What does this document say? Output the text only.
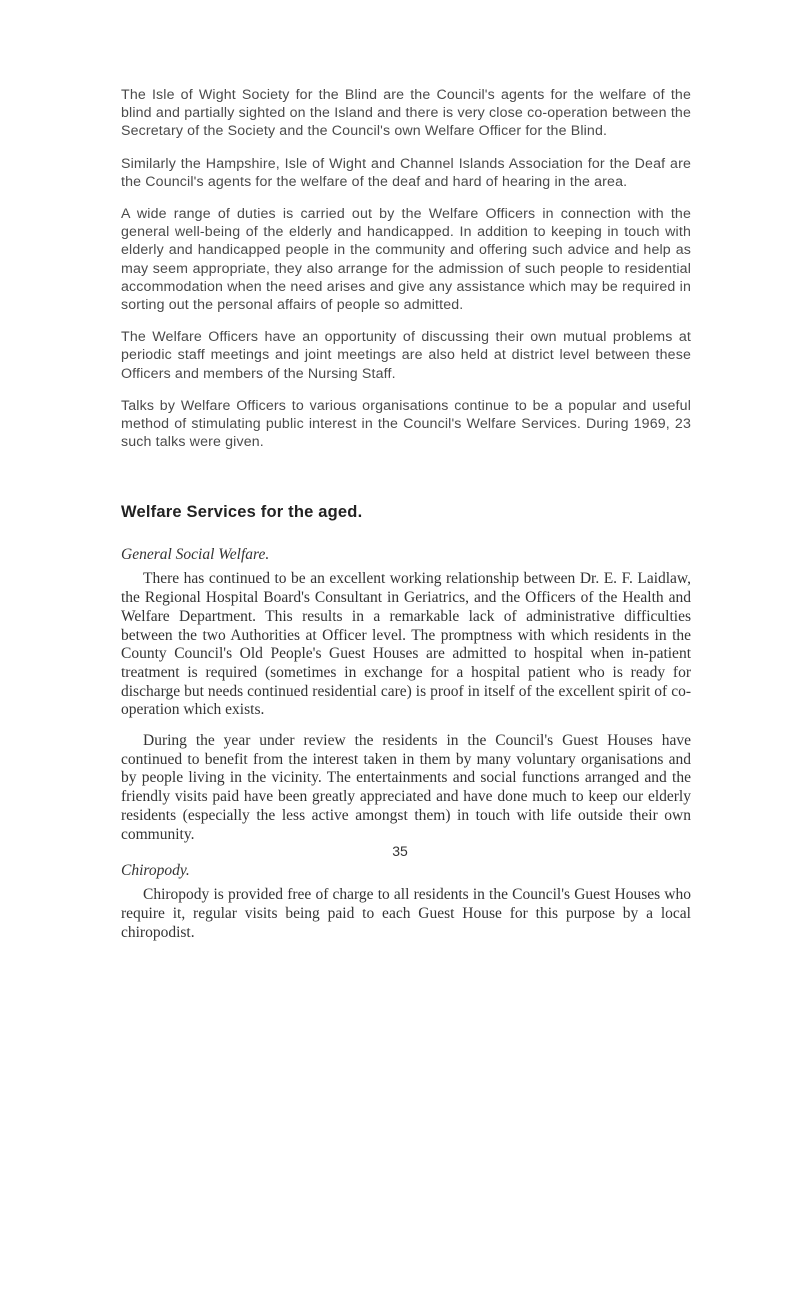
The Isle of Wight Society for the Blind are the Council's agents for the welfare of the blind and partially sighted on the Island and there is very close co-operation between the Secretary of the Society and the Council's own Welfare Officer for the Blind.

Similarly the Hampshire, Isle of Wight and Channel Islands Association for the Deaf are the Council's agents for the welfare of the deaf and hard of hearing in the area.

A wide range of duties is carried out by the Welfare Officers in connection with the general well-being of the elderly and handicapped. In addition to keeping in touch with elderly and handicapped people in the community and offering such advice and help as may seem appropriate, they also arrange for the admission of such people to residential accommodation when the need arises and give any assistance which may be required in sorting out the personal affairs of people so admitted.

The Welfare Officers have an opportunity of discussing their own mutual problems at periodic staff meetings and joint meetings are also held at district level between these Officers and members of the Nursing Staff.

Talks by Welfare Officers to various organisations continue to be a popular and useful method of stimulating public interest in the Council's Welfare Services. During 1969, 23 such talks were given.

Welfare Services for the aged.
General Social Welfare.

There has continued to be an excellent working relationship between Dr. E. F. Laidlaw, the Regional Hospital Board's Consultant in Geriatrics, and the Officers of the Health and Welfare Department. This results in a remarkable lack of administrative difficulties between the two Authorities at Officer level. The promptness with which residents in the County Council's Old People's Guest Houses are admitted to hospital when in-patient treatment is required (sometimes in exchange for a hospital patient who is ready for discharge but needs continued residential care) is proof in itself of the excellent spirit of co-operation which exists.

During the year under review the residents in the Council's Guest Houses have continued to benefit from the interest taken in them by many voluntary organisations and by people living in the vicinity. The entertainments and social functions arranged and the friendly visits paid have been greatly appreciated and have done much to keep our elderly residents (especially the less active amongst them) in touch with life outside their own community.

Chiropody.

Chiropody is provided free of charge to all residents in the Council's Guest Houses who require it, regular visits being paid to each Guest House for this purpose by a local chiropodist.

35
